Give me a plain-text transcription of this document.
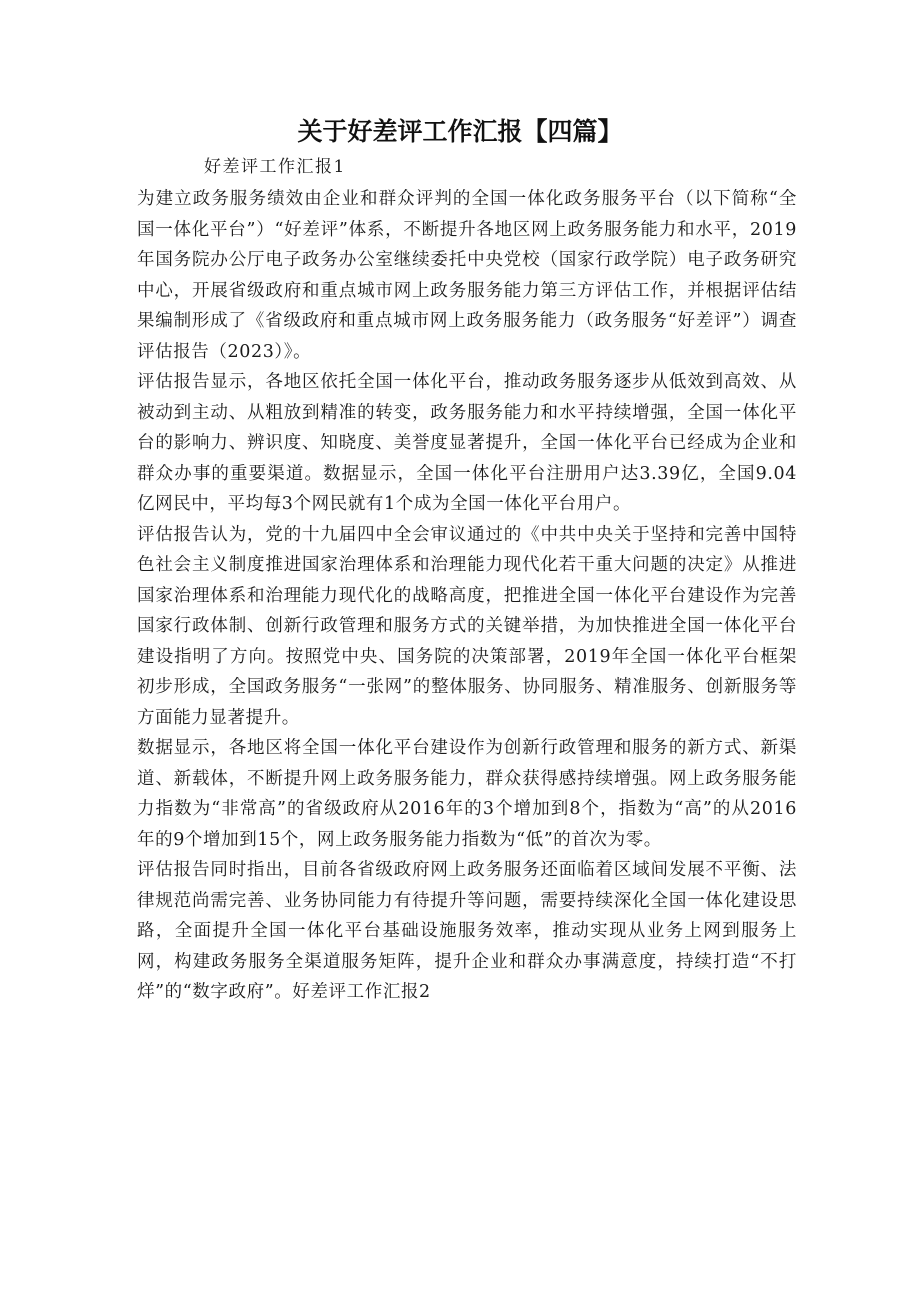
关于好差评工作汇报【四篇】
好差评工作汇报1

为建立政务服务绩效由企业和群众评判的全国一体化政务服务平台（以下简称“全国一体化平台”）“好差评”体系，不断提升各地区网上政务服务能力和水平，2019年国务院办公厅电子政务办公室继续委托中央党校（国家行政学院）电子政务研究中心，开展省级政府和重点城市网上政务服务能力第三方评估工作，并根据评估结果编制形成了《省级政府和重点城市网上政务服务能力（政务服务“好差评”）调查评估报告（2023）》。

评估报告显示，各地区依托全国一体化平台，推动政务服务逐步从低效到高效、从被动到主动、从粗放到精准的转变，政务服务能力和水平持续增强，全国一体化平台的影响力、辨识度、知晓度、美誉度显著提升，全国一体化平台已经成为企业和群众办事的重要渠道。数据显示，全国一体化平台注册用户达3.39亿，全国9.04亿网民中，平均每3个网民就有1个成为全国一体化平台用户。

评估报告认为，党的十九届四中全会审议通过的《中共中央关于坚持和完善中国特色社会主义制度推进国家治理体系和治理能力现代化若干重大问题的决定》从推进国家治理体系和治理能力现代化的战略高度，把推进全国一体化平台建设作为完善国家行政体制、创新行政管理和服务方式的关键举措，为加快推进全国一体化平台建设指明了方向。按照党中央、国务院的决策部署，2019年全国一体化平台框架初步形成，全国政务服务“一张网”的整体服务、协同服务、精准服务、创新服务等方面能力显著提升。

数据显示，各地区将全国一体化平台建设作为创新行政管理和服务的新方式、新渠道、新载体，不断提升网上政务服务能力，群众获得感持续增强。网上政务服务能力指数为“非常高”的省级政府从2016年的3个增加到8个，指数为“高”的从2016年的9个增加到15个，网上政务服务能力指数为“低”的首次为零。

评估报告同时指出，目前各省级政府网上政务服务还面临着区域间发展不平衡、法律规范尚需完善、业务协同能力有待提升等问题，需要持续深化全国一体化建设思路，全面提升全国一体化平台基础设施服务效率，推动实现从业务上网到服务上网，构建政务服务全渠道服务矩阵，提升企业和群众办事满意度，持续打造“不打烊”的“数字政府”。好差评工作汇报2
